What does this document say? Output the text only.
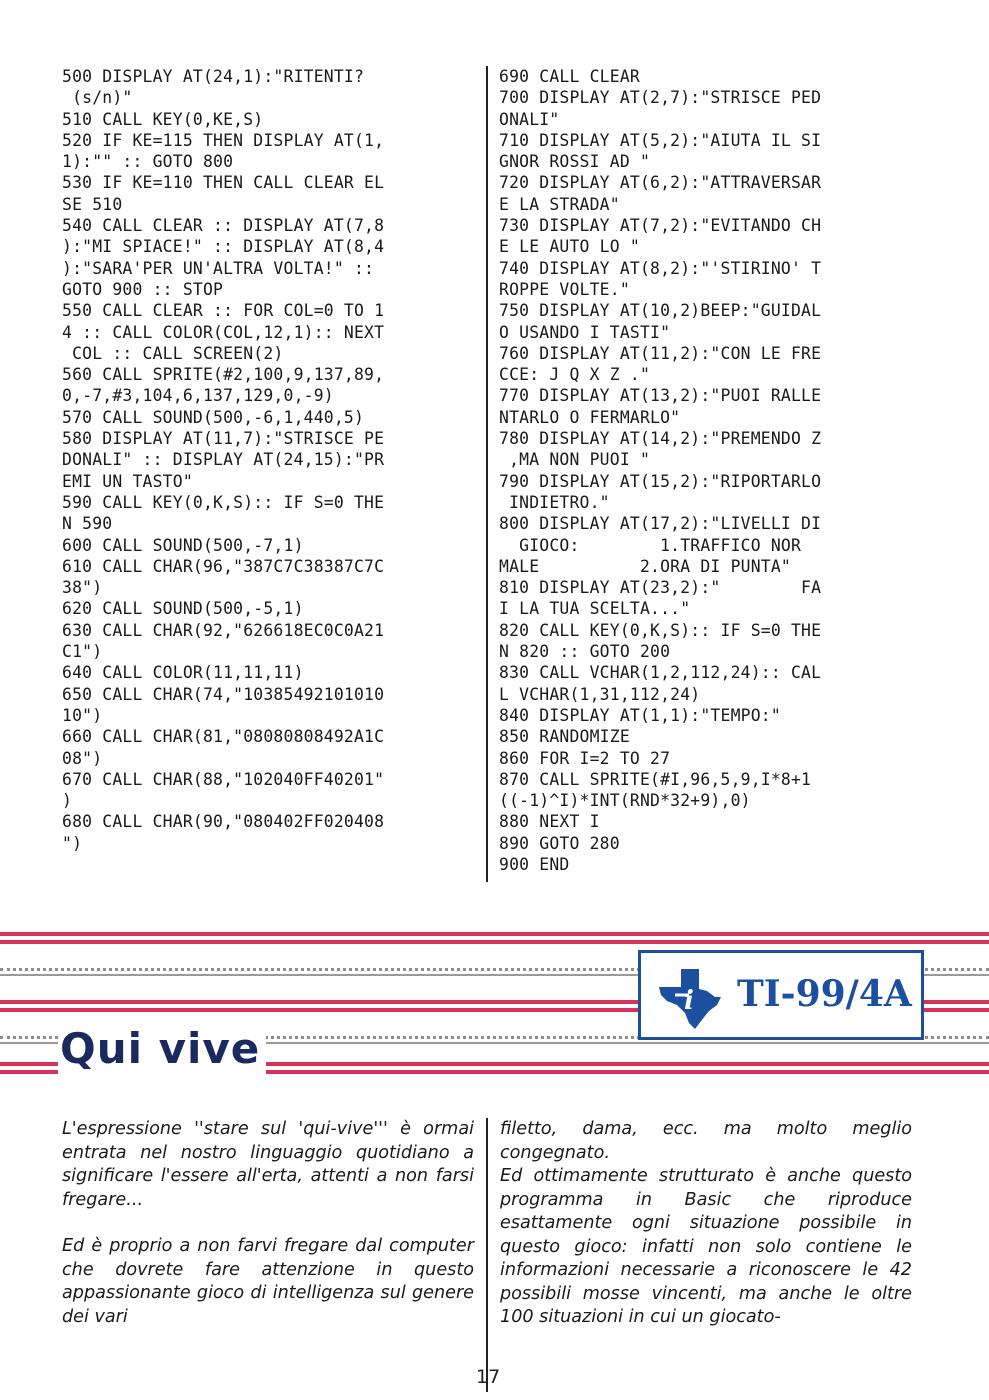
500 DISPLAY AT(24,1):"RITENTI?
(s/n)"
510 CALL KEY(0,KE,S)
520 IF KE=115 THEN DISPLAY AT(1,
1):"" :: GOTO 800
530 IF KE=110 THEN CALL CLEAR EL
SE 510
540 CALL CLEAR :: DISPLAY AT(7,8
):"MI SPIACE!" :: DISPLAY AT(8,4
):"SARA'PER UN'ALTRA VOLTA!" ::
GOTO 900 :: STOP
550 CALL CLEAR :: FOR COL=0 TO 1
4 :: CALL COLOR(COL,12,1):: NEXT
COL :: CALL SCREEN(2)
560 CALL SPRITE(#2,100,9,137,89,
0,-7,#3,104,6,137,129,0,-9)
570 CALL SOUND(500,-6,1,440,5)
580 DISPLAY AT(11,7):"STRISCE PE
DONALI" :: DISPLAY AT(24,15):"PR
EMI UN TASTO"
590 CALL KEY(0,K,S):: IF S=0 THE
N 590
600 CALL SOUND(500,-7,1)
610 CALL CHAR(96,"387C7C38387C7C
38")
620 CALL SOUND(500,-5,1)
630 CALL CHAR(92,"626618EC0C0A21
C1")
640 CALL COLOR(11,11,11)
650 CALL CHAR(74,"10385492101010
10")
660 CALL CHAR(81,"08080808492A1C
08")
670 CALL CHAR(88,"102040FF40201"
)
680 CALL CHAR(90,"080402FF020408
")
690 CALL CLEAR
700 DISPLAY AT(2,7):"STRISCE PED
ONALI"
710 DISPLAY AT(5,2):"AIUTA IL SI
GNOR ROSSI AD "
720 DISPLAY AT(6,2):"ATTRAVERSAR
E LA STRADA"
730 DISPLAY AT(7,2):"EVITANDO CH
E LE AUTO LO "
740 DISPLAY AT(8,2):"'STIRINO' T
ROPPE VOLTE."
750 DISPLAY AT(10,2)BEEP:"GUIDAL
O USANDO I TASTI"
760 DISPLAY AT(11,2):"CON LE FRE
CCE: J Q X Z ."
770 DISPLAY AT(13,2):"PUOI RALLE
NTARLO O FERMARLO"
780 DISPLAY AT(14,2):"PREMENDO Z
,MA NON PUOI "
790 DISPLAY AT(15,2):"RIPORTARLO
INDIETRO."
800 DISPLAY AT(17,2):"LIVELLI DI
GIOCO:        1.TRAFFICO NOR
MALE          2.ORA DI PUNTA"
810 DISPLAY AT(23,2):"        FA
I LA TUA SCELTA..."
820 CALL KEY(0,K,S):: IF S=0 THE
N 820 :: GOTO 200
830 CALL VCHAR(1,2,112,24):: CAL
L VCHAR(1,31,112,24)
840 DISPLAY AT(1,1):"TEMPO:"
850 RANDOMIZE
860 FOR I=2 TO 27
870 CALL SPRITE(#I,96,5,9,I*8+1
((-1)^I)*INT(RND*32+9),0)
880 NEXT I
890 GOTO 280
900 END
i TI-99/4A
Qui vive

L'espressione ''stare sul 'qui-vive''' è ormai entrata nel nostro linguaggio quotidiano a significare l'essere all'erta, attenti a non farsi fregare...

Ed è proprio a non farvi fregare dal computer che dovrete fare attenzione in questo appassionante gioco di intelligenza sul genere dei vari

filetto, dama, ecc. ma molto meglio congegnato.

Ed ottimamente strutturato è anche questo programma in Basic che riproduce esattamente ogni situazione possibile in questo gioco: infatti non solo contiene le informazioni necessarie a riconoscere le 42 possibili mosse vincenti, ma anche le oltre 100 situazioni in cui un giocato-

17
